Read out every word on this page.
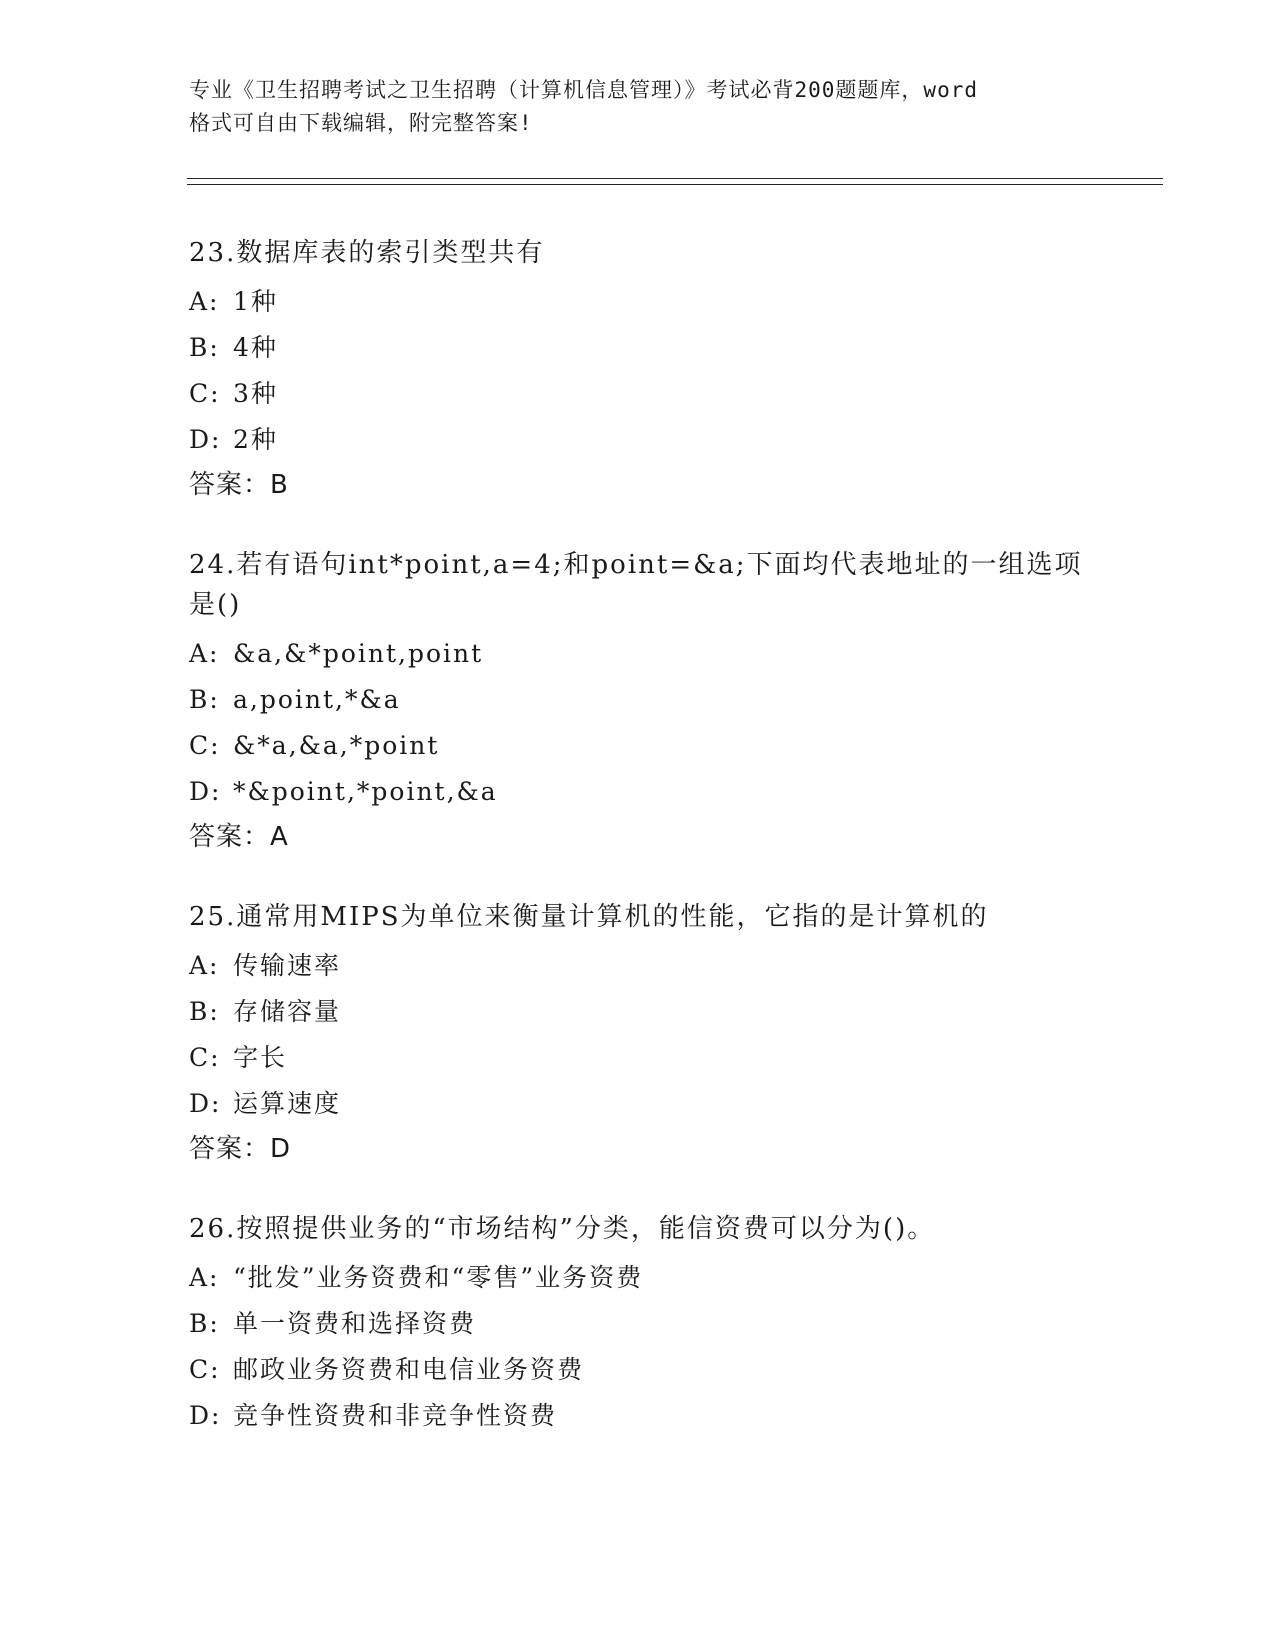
专业《卫生招聘考试之卫生招聘（计算机信息管理）》考试必背200题题库，word
格式可自由下载编辑，附完整答案!
23.数据库表的索引类型共有
A: 1种
B: 4种
C: 3种
D: 2种
答案：B
24.若有语句int*point,a=4;和point=&a;下面均代表地址的一组选项
是()
A: &a,&*point,point
B: a,point,*&a
C: &*a,&a,*point
D: *&point,*point,&a
答案：A
25.通常用MIPS为单位来衡量计算机的性能，它指的是计算机的
A: 传输速率
B: 存储容量
C: 字长
D: 运算速度
答案：D
26.按照提供业务的“市场结构”分类，能信资费可以分为()。
A: “批发”业务资费和“零售”业务资费
B: 单一资费和选择资费
C: 邮政业务资费和电信业务资费
D: 竞争性资费和非竞争性资费
